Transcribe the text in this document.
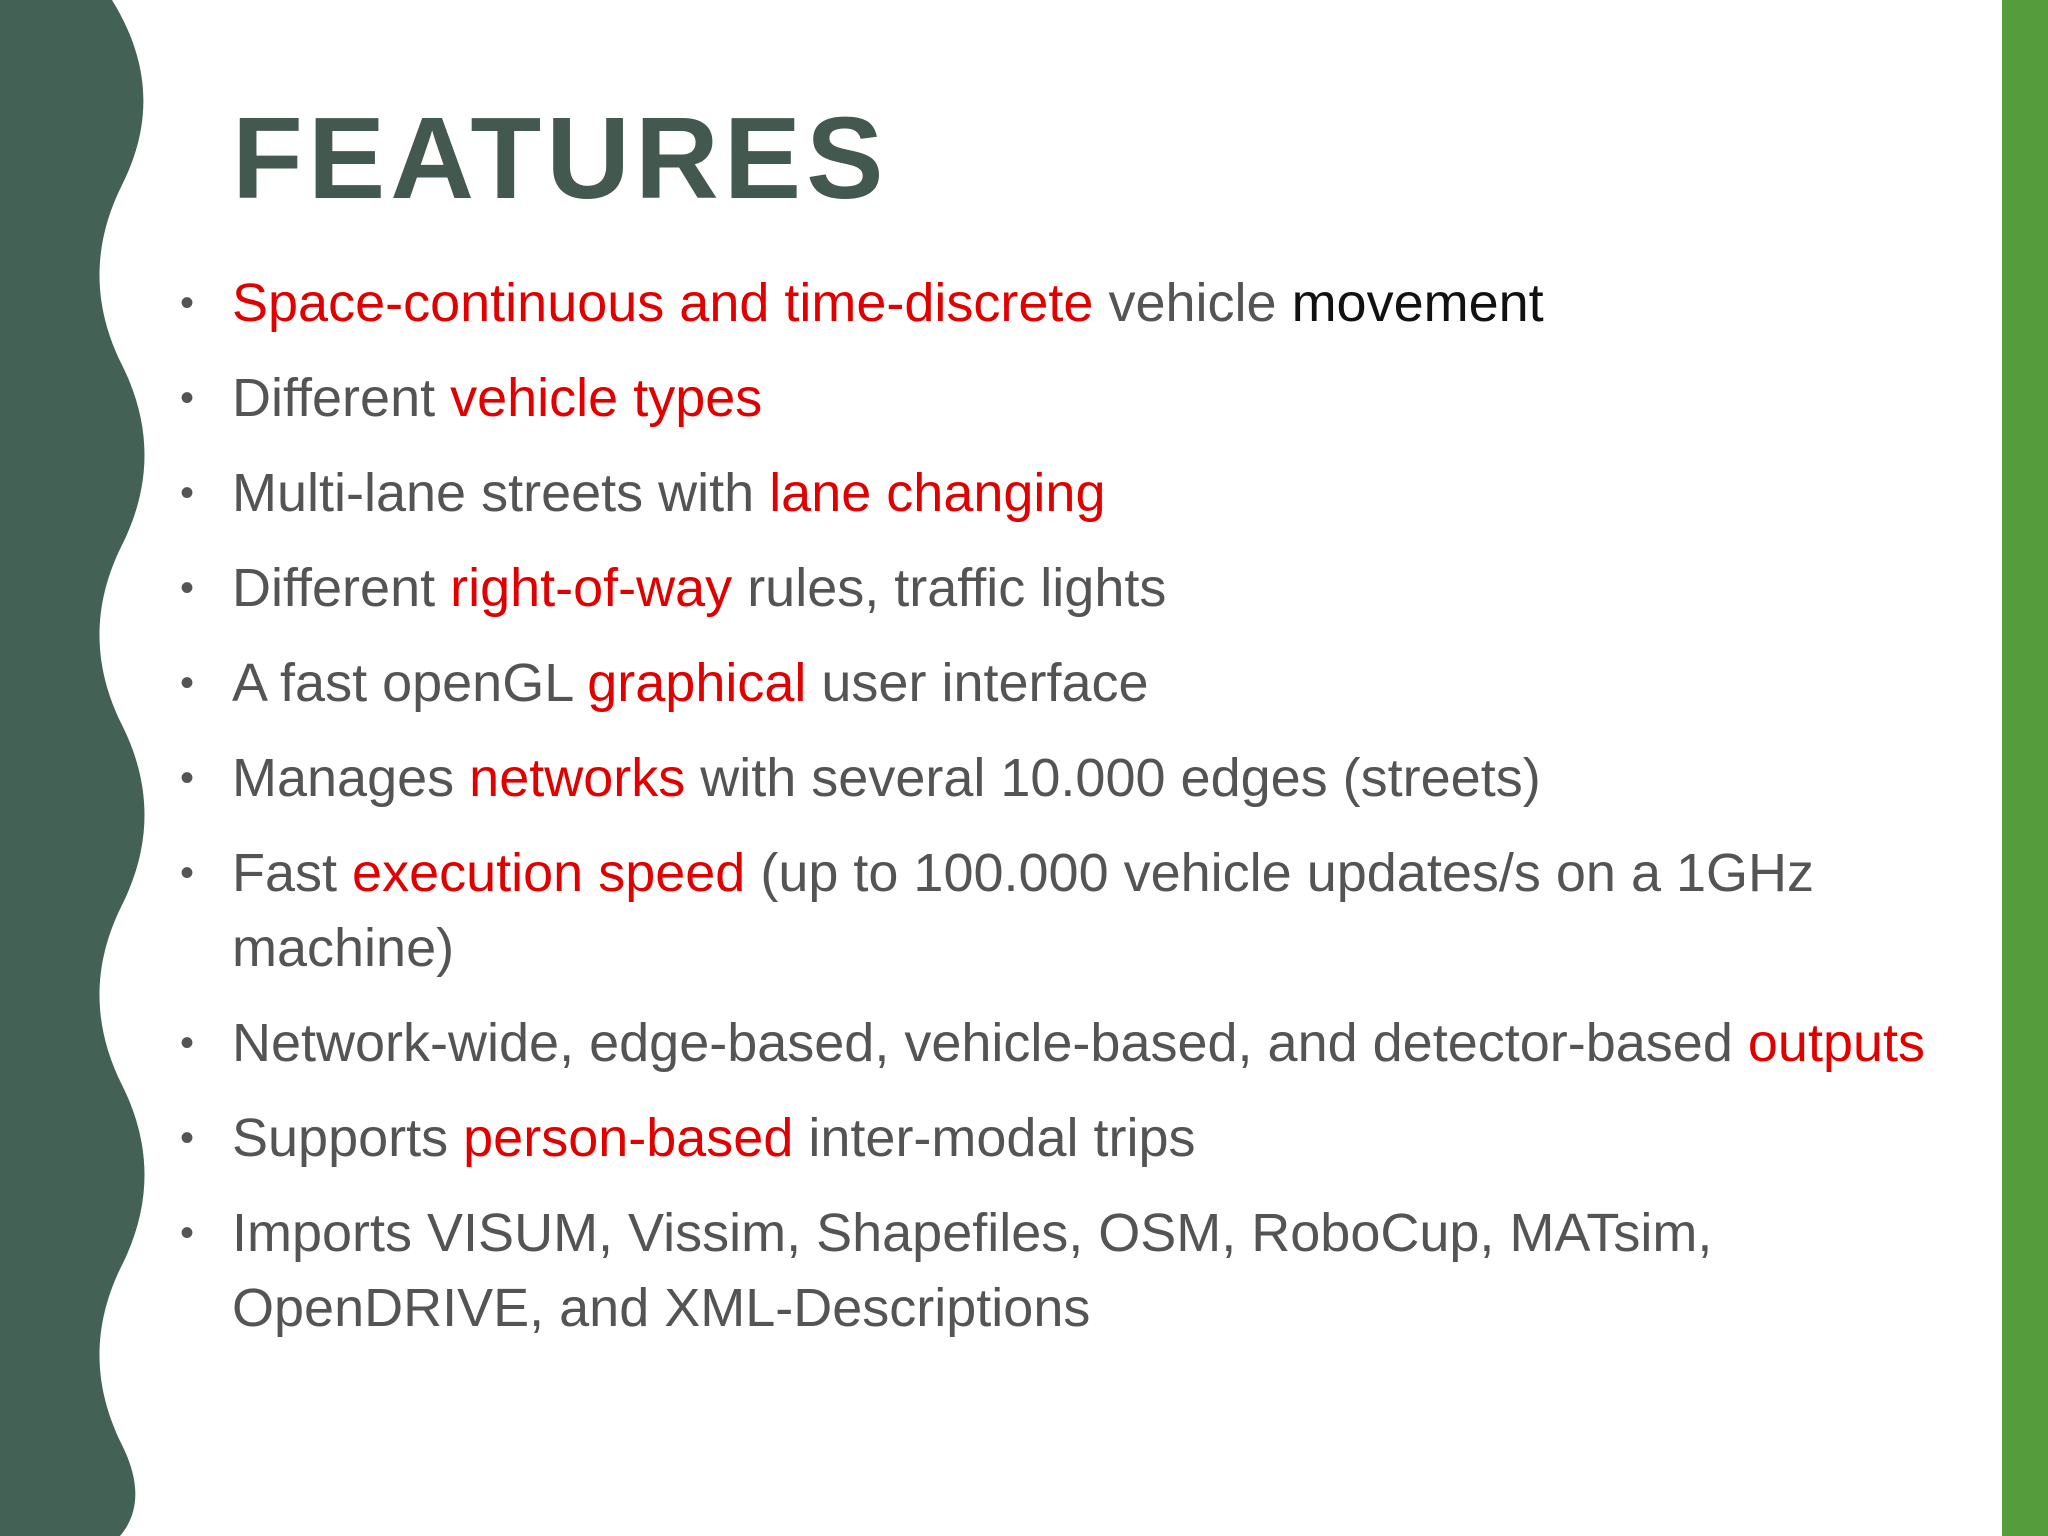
FEATURES
• Space-continuous and time-discrete vehicle movement
• Different vehicle types
• Multi-lane streets with lane changing
• Different right-of-way rules, traffic lights
• A fast openGL graphical user interface
• Manages networks with several 10.000 edges (streets)
• Fast execution speed (up to 100.000 vehicle updates/s on a 1GHz machine)
• Network-wide, edge-based, vehicle-based, and detector-based outputs
• Supports person-based inter-modal trips
• Imports VISUM, Vissim, Shapefiles, OSM, RoboCup, MATsim, OpenDRIVE, and XML-Descriptions
